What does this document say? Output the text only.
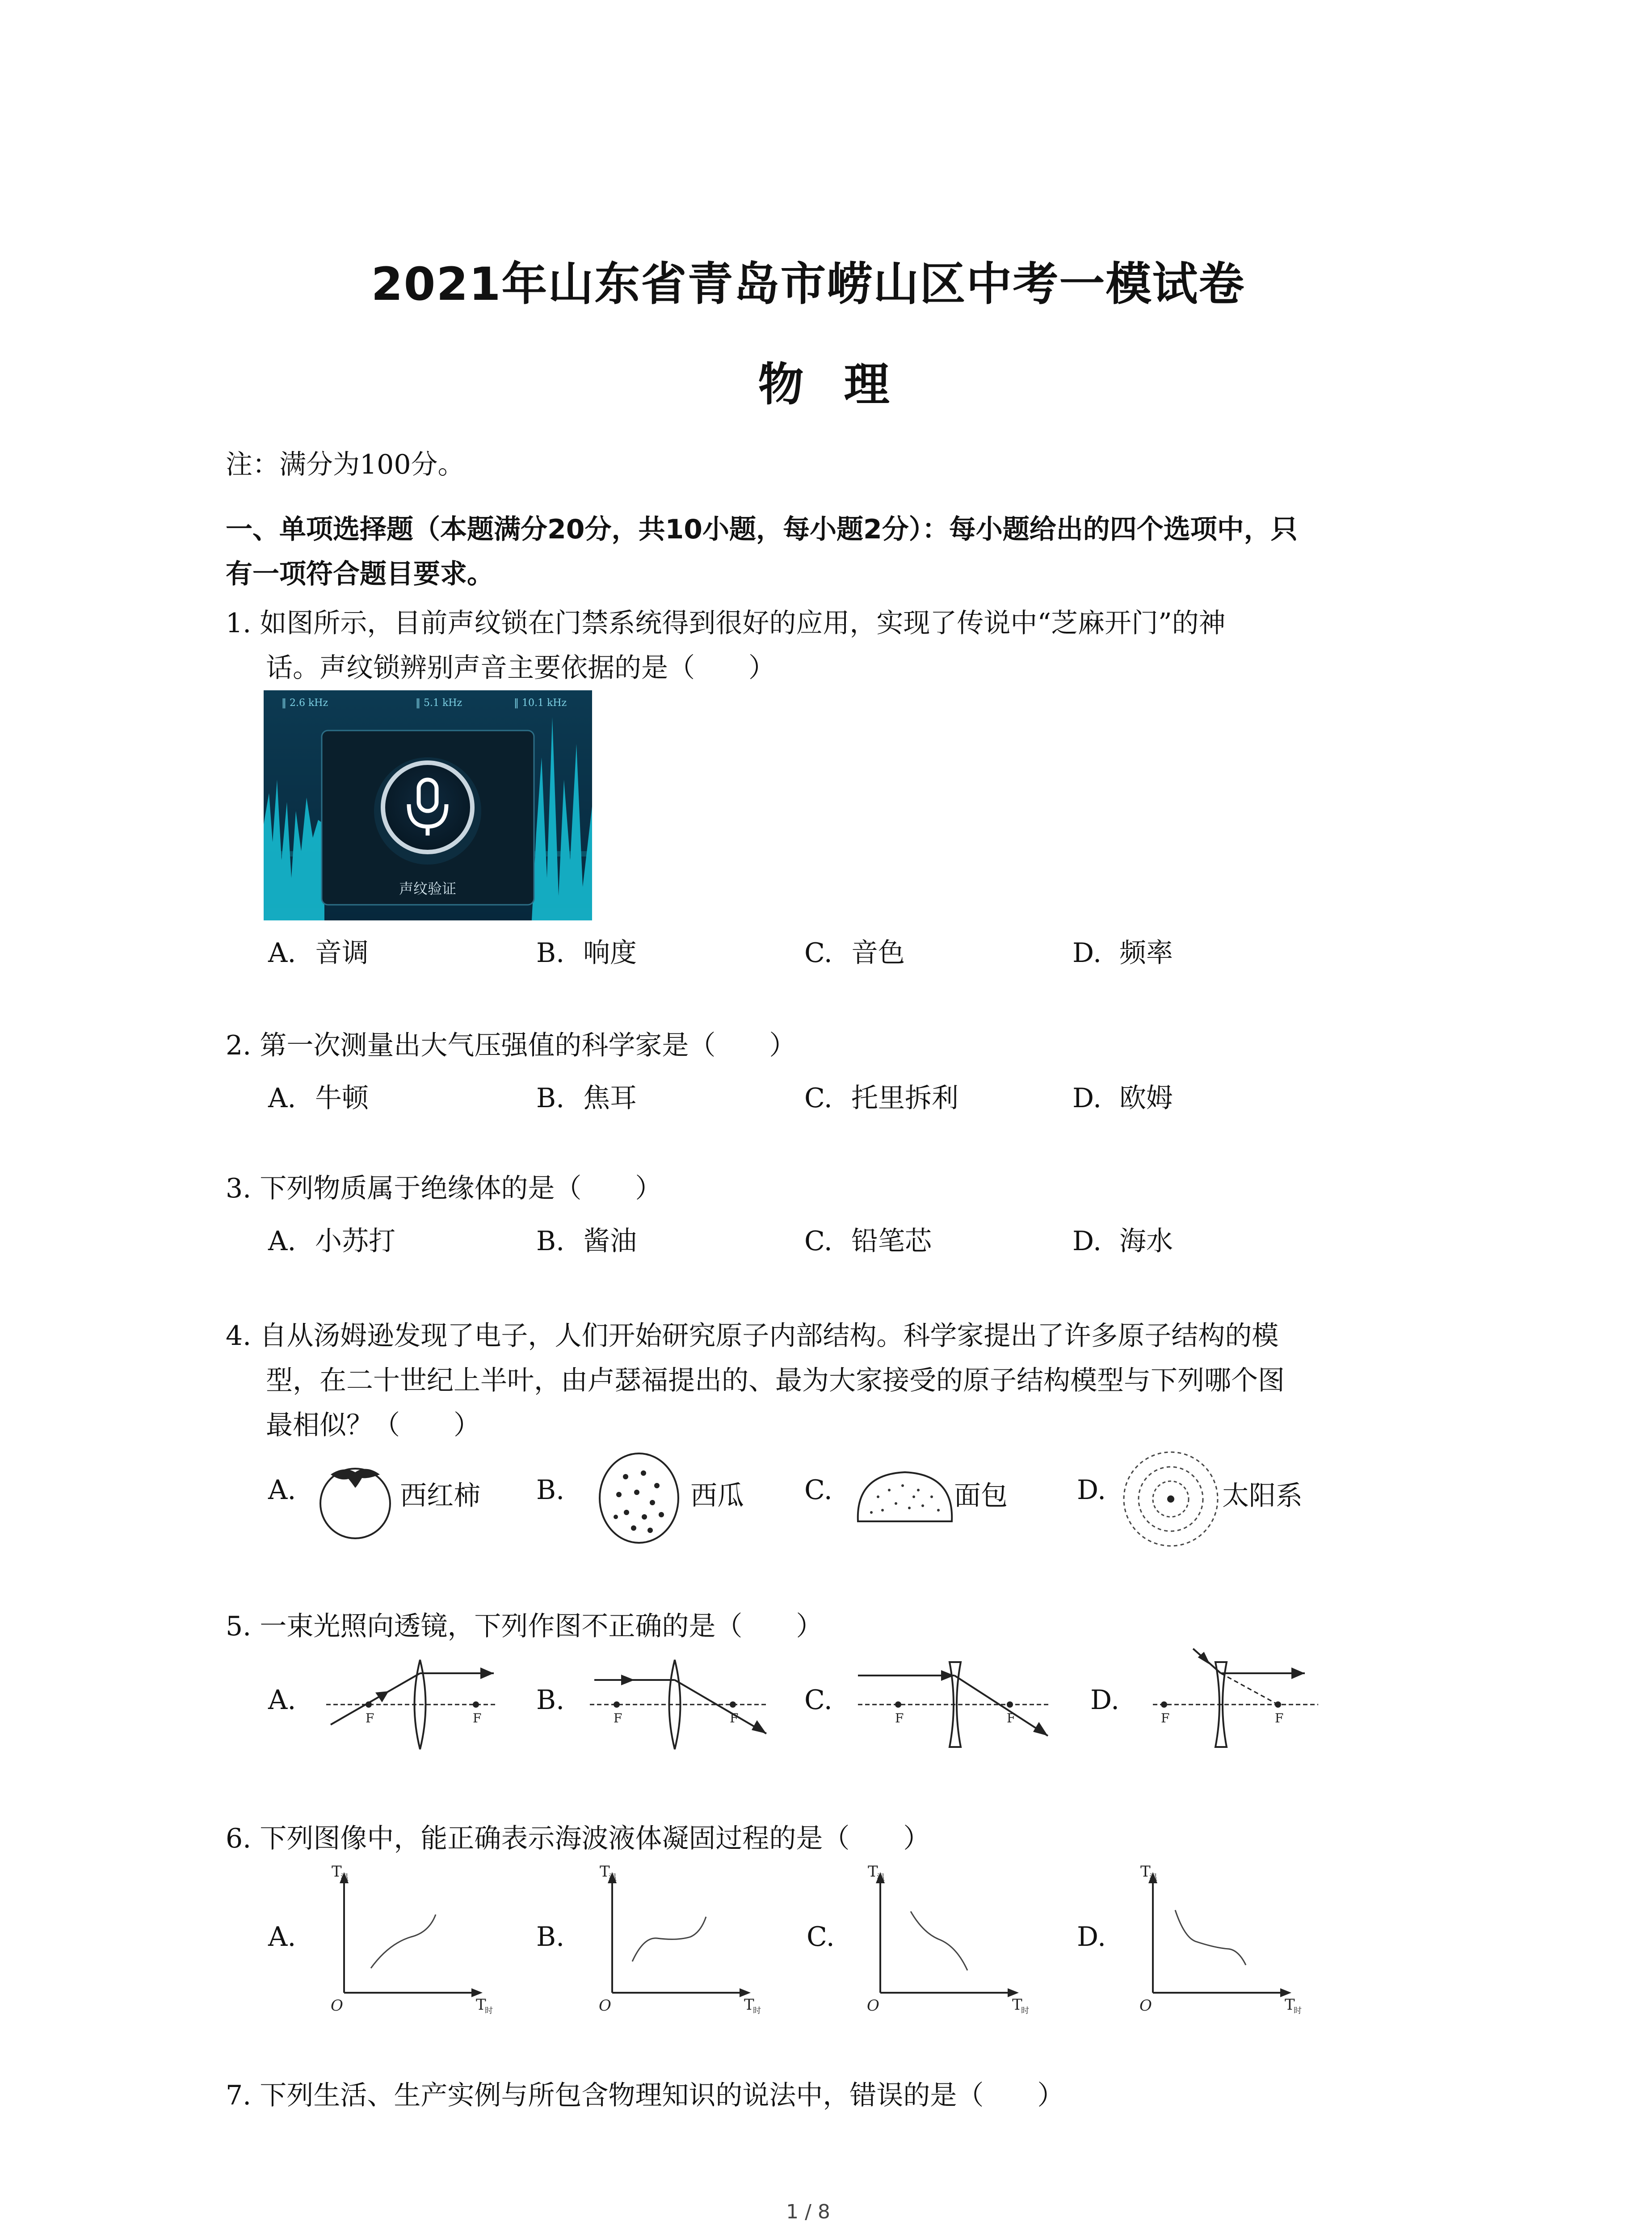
2021年山东省青岛市崂山区中考一模试卷
物理
注：满分为100分。
一、单项选择题（本题满分20分，共10小题，每小题2分）：每小题给出的四个选项中，只
有一项符合题目要求。
1. 如图所示，目前声纹锁在门禁系统得到很好的应用，实现了传说中“芝麻开门”的神
话。声纹锁辨别声音主要依据的是（　　）
‖ 2.6 kHz	‖ 5.1 kHz	‖ 10.1 kHz
声纹验证
A. 音调	B. 响度	C. 音色	D. 频率
2. 第一次测量出大气压强值的科学家是（　　）
A. 牛顿	B. 焦耳	C. 托里拆利	D. 欧姆
3. 下列物质属于绝缘体的是（　　）
A. 小苏打	B. 酱油	C. 铅笔芯	D. 海水
4. 自从汤姆逊发现了电子，人们开始研究原子内部结构。科学家提出了许多原子结构的模
型，在二十世纪上半叶，由卢瑟福提出的、最为大家接受的原子结构模型与下列哪个图
最相似？（　　）
A.	西红柿 B.	西瓜 C.	面包	D.	太阳系
5. 一束光照向透镜，下列作图不正确的是（　　）
A.
F	F
B.
F	F
C.
F	F
D.
F	F
6. 下列图像中，能正确表示海波液体凝固过程的是（　　）
A.
T
温
T
时
O
B.
T
温
T
时
O
C.
T
温
T
时
O
D.
T
温
T
时
O
7. 下列生活、生产实例与所包含物理知识的说法中，错误的是（　　）
1 / 8
